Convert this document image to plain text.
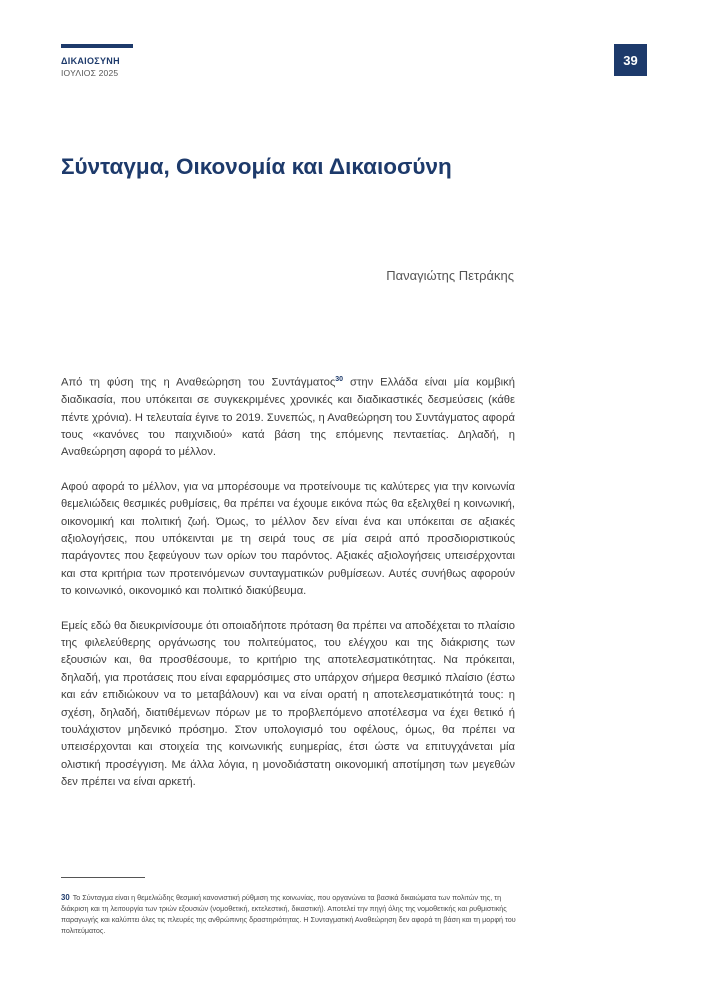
ΔΙΚΑΙΟΣΥΝΗ
ΙΟΥΛΙΟΣ 2025
39
Σύνταγμα, Οικονομία και Δικαιοσύνη
Παναγιώτης Πετράκης

Από τη φύση της η Αναθεώρηση του Συντάγματος$^{30}$ στην Ελλάδα είναι μία κομβική διαδικασία, που υπόκειται σε συγκεκριμένες χρονικές και διαδικαστικές δεσμεύσεις (κάθε πέντε χρόνια). Η τελευταία έγινε το 2019. Συνεπώς, η Αναθεώρηση του Συντάγματος αφορά τους «κανόνες του παιχνιδιού» κατά βάση της επόμενης πενταετίας. Δηλαδή, η Αναθεώρηση αφορά το μέλλον.

Αφού αφορά το μέλλον, για να μπορέσουμε να προτείνουμε τις καλύτερες για την κοινωνία θεμελιώδεις θεσμικές ρυθμίσεις, θα πρέπει να έχουμε εικόνα πώς θα εξελιχθεί η κοινωνική, οικονομική και πολιτική ζωή. Όμως, το μέλλον δεν είναι ένα και υπόκειται σε αξιακές αξιολογήσεις, που υπόκεινται με τη σειρά τους σε μία σειρά από προσδιοριστικούς παράγοντες που ξεφεύγουν των ορίων του παρόντος. Αξιακές αξιολογήσεις υπεισέρχονται και στα κριτήρια των προτεινόμενων συνταγματικών ρυθμίσεων. Αυτές συνήθως αφορούν το κοινωνικό, οικονομικό και πολιτικό διακύβευμα.

Εμείς εδώ θα διευκρινίσουμε ότι οποιαδήποτε πρόταση θα πρέπει να αποδέχεται το πλαίσιο της φιλελεύθερης οργάνωσης του πολιτεύματος, του ελέγχου και της διάκρισης των εξουσιών και, θα προσθέσουμε, το κριτήριο της αποτελεσματικότητας. Να πρόκειται, δηλαδή, για προτάσεις που είναι εφαρμόσιμες στο υπάρχον σήμερα θεσμικό πλαίσιο (έστω και εάν επιδιώκουν να το μεταβάλουν) και να είναι ορατή η αποτελεσματικότητά τους: η σχέση, δηλαδή, διατιθέμενων πόρων με το προβλεπόμενο αποτέλεσμα να έχει θετικό ή τουλάχιστον μηδενικό πρόσημο. Στον υπολογισμό του οφέλους, όμως, θα πρέπει να υπεισέρχονται και στοιχεία της κοινωνικής ευημερίας, έτσι ώστε να επιτυγχάνεται μία ολιστική προσέγγιση. Με άλλα λόγια, η μονοδιάστατη οικονομική αποτίμηση των μεγεθών δεν πρέπει να είναι αρκετή.

30 Το Σύνταγμα είναι η θεμελιώδης θεσμική κανονιστική ρύθμιση της κοινωνίας, που οργανώνει τα βασικά δικαιώματα των πολιτών της, τη διάκριση και τη λειτουργία των τριών εξουσιών (νομοθετική, εκτελεστική, δικαστική). Αποτελεί την πηγή όλης της νομοθετικής και ρυθμιστικής παραγωγής και καλύπτει όλες τις πλευρές της ανθρώπινης δραστηριότητας. Η Συνταγματική Αναθεώρηση δεν αφορά τη βάση και τη μορφή του πολιτεύματος.
